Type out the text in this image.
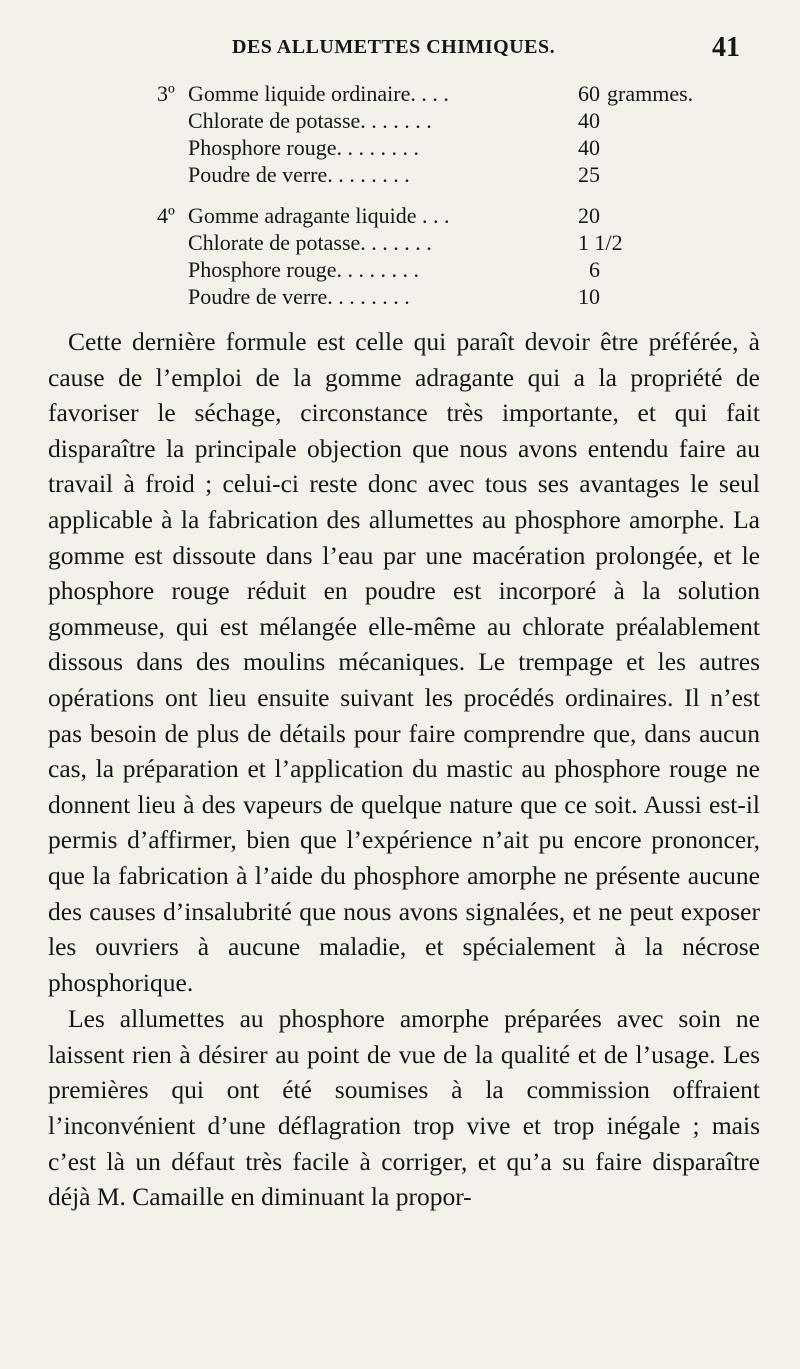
DES ALLUMETTES CHIMIQUES.	41
3º Gomme liquide ordinaire. . . .	60 grammes.
Chlorate de potasse. . . . . . .	40
Phosphore rouge. . . . . . . .	40
Poudre de verre. . . . . . . .	25
4º Gomme adragante liquide . . .	20
Chlorate de potasse. . . . . . .	1 1/2
Phosphore rouge. . . . . . . .	6
Poudre de verre. . . . . . . .	10

Cette dernière formule est celle qui paraît devoir être préférée, à cause de l’emploi de la gomme adragante qui a la propriété de favoriser le séchage, circonstance très importante, et qui fait disparaître la principale objection que nous avons entendu faire au travail à froid ; celui-ci reste donc avec tous ses avantages le seul applicable à la fabrication des allumettes au phosphore amorphe. La gomme est dissoute dans l’eau par une macération prolongée, et le phosphore rouge réduit en poudre est incorporé à la solution gommeuse, qui est mélangée elle-même au chlorate préalablement dissous dans des moulins mécaniques. Le trempage et les autres opérations ont lieu ensuite suivant les procédés ordinaires. Il n’est pas besoin de plus de détails pour faire comprendre que, dans aucun cas, la préparation et l’application du mastic au phosphore rouge ne donnent lieu à des vapeurs de quelque nature que ce soit. Aussi est-il permis d’affirmer, bien que l’expérience n’ait pu encore prononcer, que la fabrication à l’aide du phosphore amorphe ne présente aucune des causes d’insalubrité que nous avons signalées, et ne peut exposer les ouvriers à aucune maladie, et spécialement à la nécrose phosphorique.

Les allumettes au phosphore amorphe préparées avec soin ne laissent rien à désirer au point de vue de la qualité et de l’usage. Les premières qui ont été soumises à la commission offraient l’inconvénient d’une déflagration trop vive et trop inégale ; mais c’est là un défaut très facile à corriger, et qu’a su faire disparaître déjà M. Camaille en diminuant la propor-
